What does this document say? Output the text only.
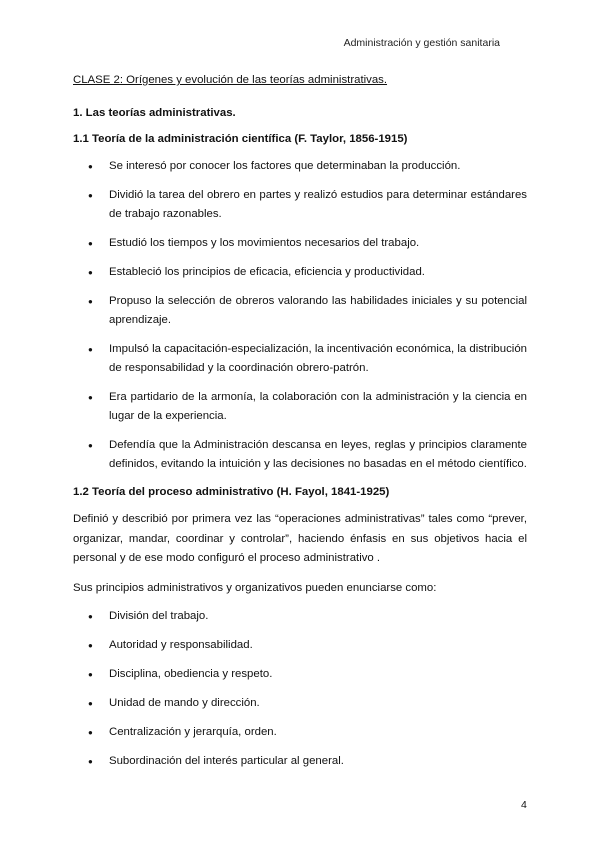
Administración y gestión sanitaria

CLASE 2: Orígenes y evolución de las teorías administrativas.

1. Las teorías administrativas.

1.1 Teoría de la administración científica (F. Taylor, 1856-1915)

● Se interesó por conocer los factores que determinaban la producción.
● Dividió la tarea del obrero en partes y realizó estudios para determinar estándares de trabajo razonables.
● Estudió los tiempos y los movimientos necesarios del trabajo.
● Estableció los principios de eficacia, eficiencia y productividad.
● Propuso la selección de obreros valorando las habilidades iniciales y su potencial aprendizaje.
● Impulsó la capacitación-especialización, la incentivación económica, la distribución de responsabilidad y la coordinación obrero-patrón.
● Era partidario de la armonía, la colaboración con la administración y la ciencia en lugar de la experiencia.
● Defendía que la Administración descansa en leyes, reglas y principios claramente definidos, evitando la intuición y las decisiones no basadas en el método científico.

1.2 Teoría del proceso administrativo (H. Fayol, 1841-1925)

Definió y describió por primera vez las “operaciones administrativas” tales como “prever, organizar, mandar, coordinar y controlar”, haciendo énfasis en sus objetivos hacia el personal y de ese modo configuró el proceso administrativo .

Sus principios administrativos y organizativos pueden enunciarse como:

● División del trabajo.
● Autoridad y responsabilidad.
● Disciplina, obediencia y respeto.
● Unidad de mando y dirección.
● Centralización y jerarquía, orden.
● Subordinación del interés particular al general.
4
